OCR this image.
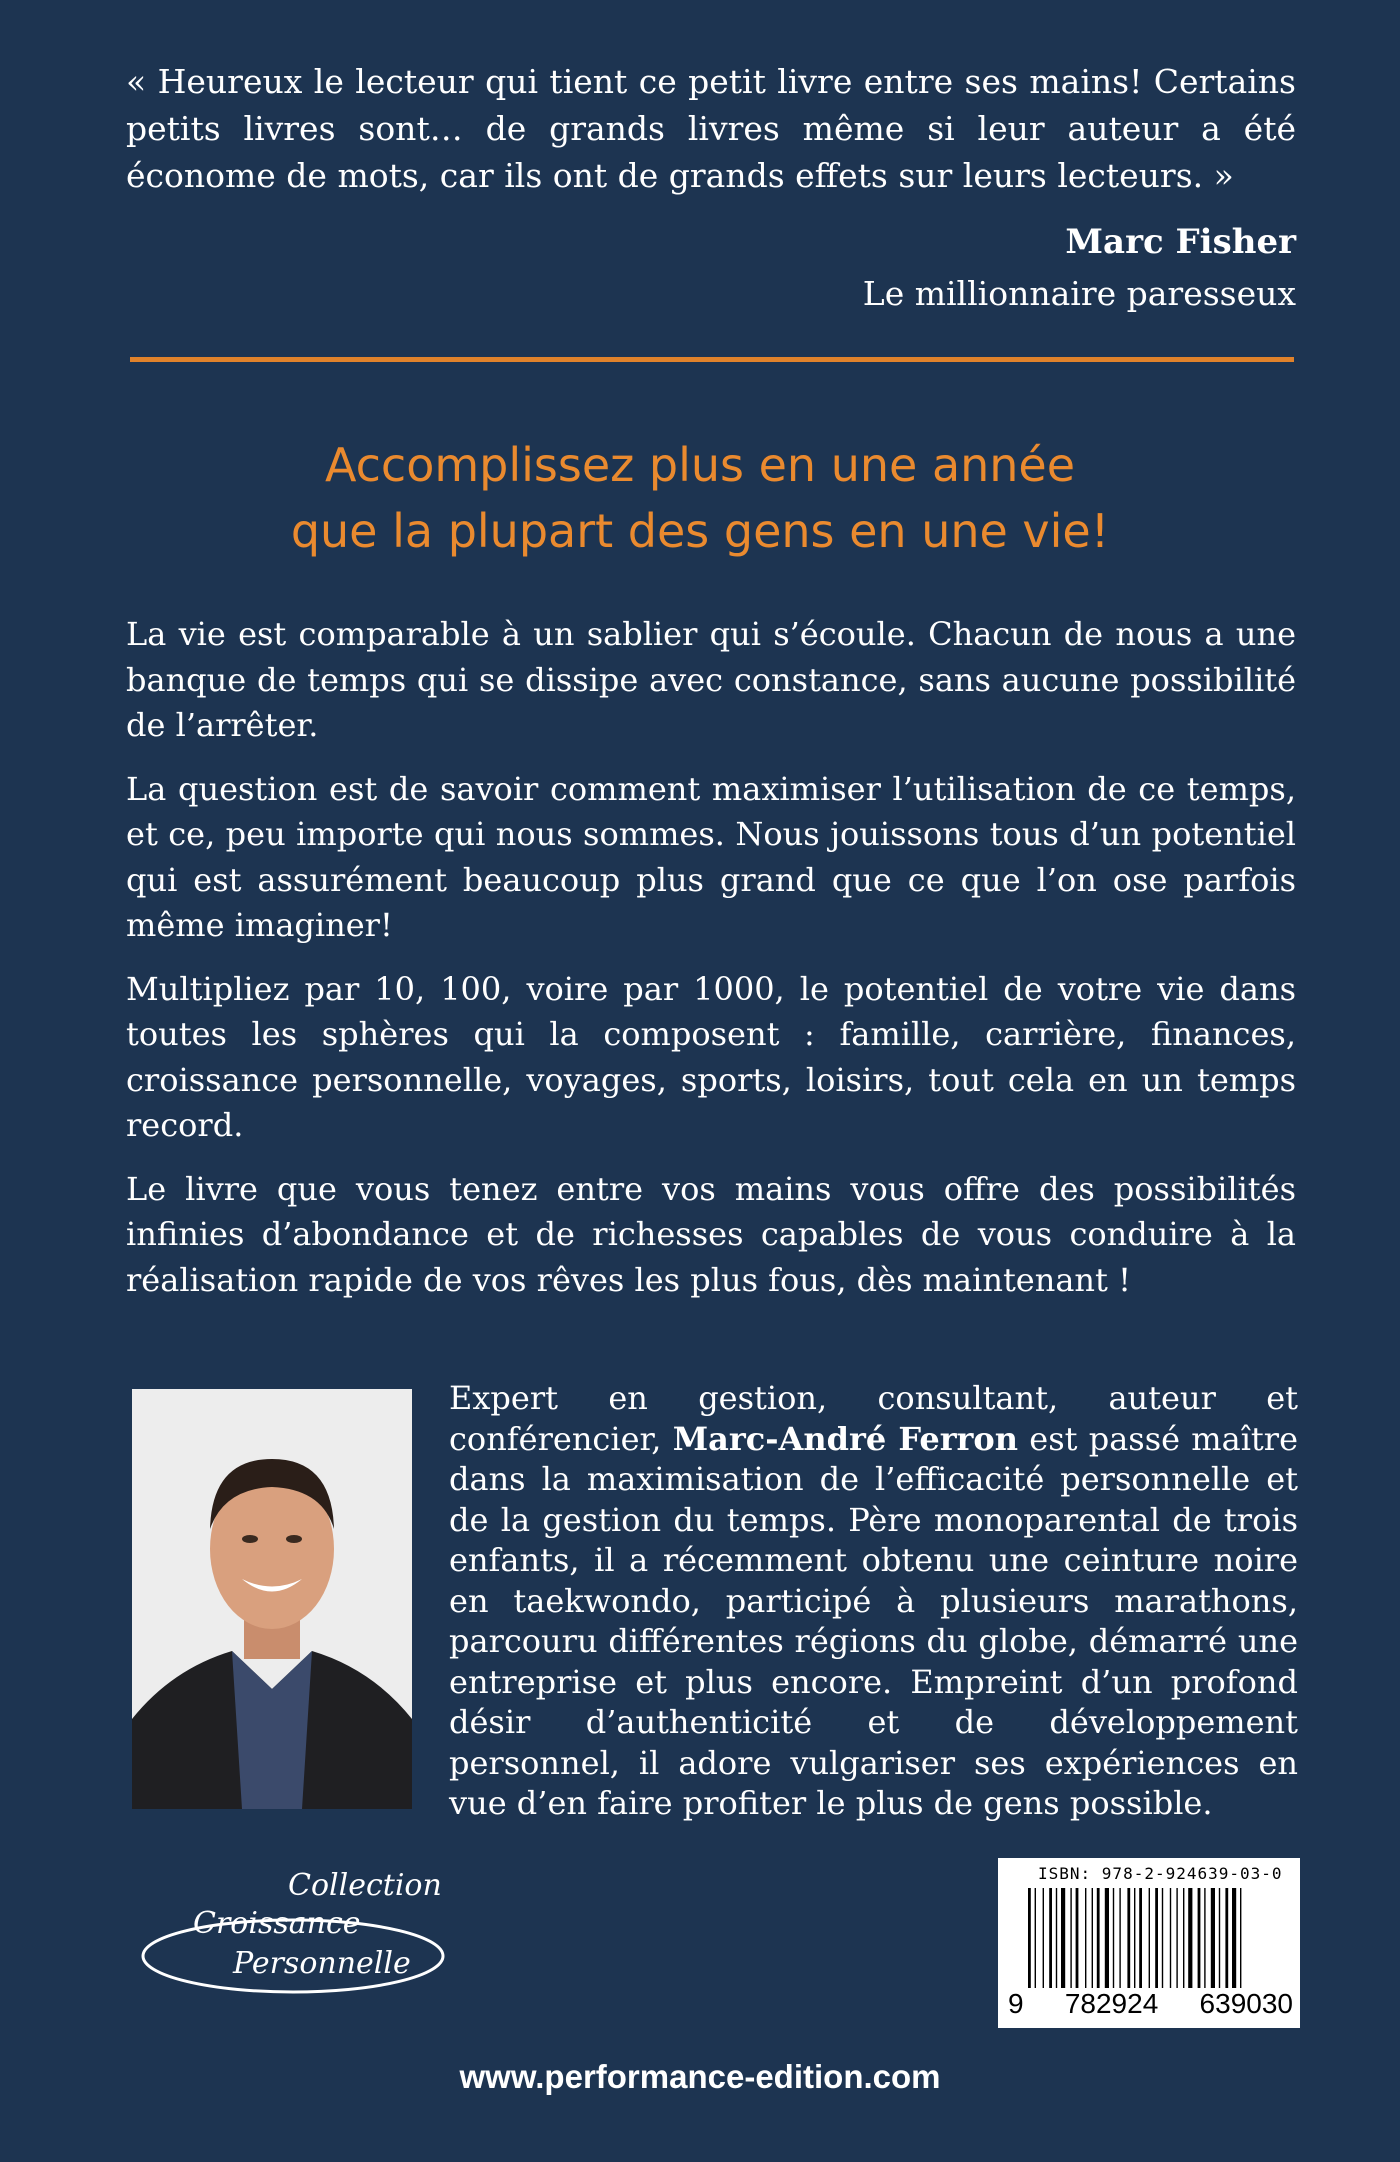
« Heureux le lecteur qui tient ce petit livre entre ses mains! Certains petits livres sont… de grands livres même si leur auteur a été économe de mots, car ils ont de grands effets sur leurs lecteurs. »
Marc Fisher
Le millionnaire paresseux
Accomplissez plus en une année
que la plupart des gens en une vie!

La vie est comparable à un sablier qui s’écoule. Chacun de nous a une banque de temps qui se dissipe avec constance, sans aucune possibilité de l’arrêter.

La question est de savoir comment maximiser l’utilisation de ce temps, et ce, peu importe qui nous sommes. Nous jouissons tous d’un potentiel qui est assurément beaucoup plus grand que ce que l’on ose parfois même imaginer!

Multipliez par 10, 100, voire par 1000, le potentiel de votre vie dans toutes les sphères qui la composent : famille, carrière, finances, croissance personnelle, voyages, sports, loisirs, tout cela en un temps record.

Le livre que vous tenez entre vos mains vous offre des possibilités infinies d’abondance et de richesses capables de vous conduire à la réalisation rapide de vos rêves les plus fous, dès maintenant !

Expert en gestion, consultant, auteur et conférencier, Marc-André Ferron est passé maître dans la maximisation de l’efficacité personnelle et de la gestion du temps. Père monoparental de trois enfants, il a récemment obtenu une ceinture noire en taekwondo, participé à plusieurs marathons, parcouru différentes régions du globe, démarré une entreprise et plus encore. Empreint d’un profond désir d’authenticité et de développement personnel, il adore vulgariser ses expériences en vue d’en faire profiter le plus de gens possible.
Collection
Croissance
Personnelle
ISBN: 978-2-924639-03-0
9 782924 639030
www.performance-edition.com
